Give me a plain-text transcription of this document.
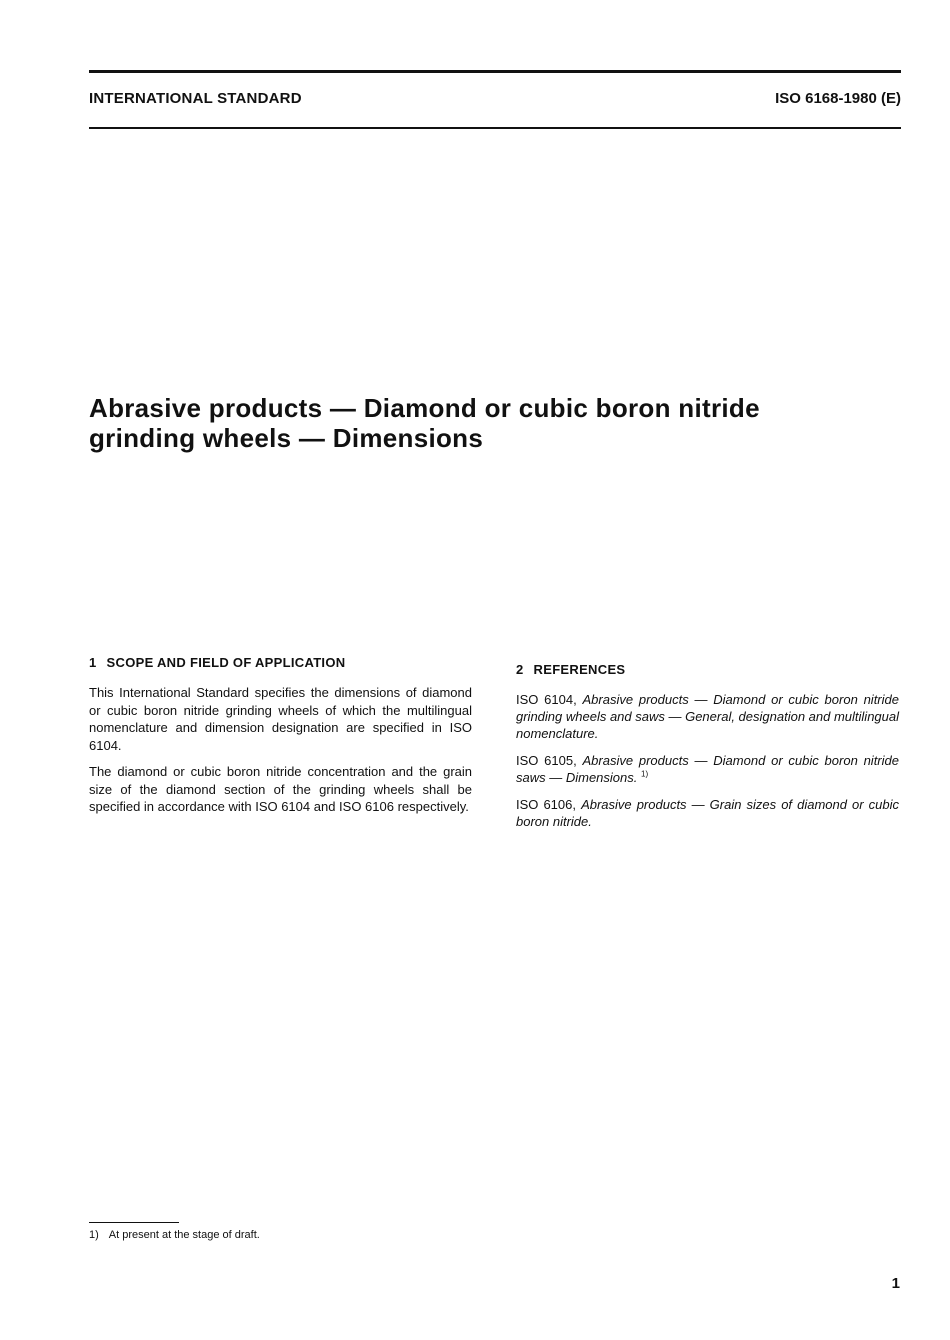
INTERNATIONAL STANDARD	ISO 6168-1980 (E)
Abrasive products — Diamond or cubic boron nitride
grinding wheels — Dimensions
1 SCOPE AND FIELD OF APPLICATION

This International Standard specifies the dimensions of diamond or cubic boron nitride grinding wheels of which the multilingual nomenclature and dimension designation are specified in ISO 6104.

The diamond or cubic boron nitride concentration and the grain size of the diamond section of the grinding wheels shall be specified in accordance with ISO 6104 and ISO 6106 respectively.

2 REFERENCES

ISO 6104, Abrasive products — Diamond or cubic boron nitride grinding wheels and saws — General, designation and multilingual nomenclature.

ISO 6105, Abrasive products — Diamond or cubic boron nitride saws — Dimensions. $^{1)}$

ISO 6106, Abrasive products — Grain sizes of diamond or cubic boron nitride.

1) At present at the stage of draft.
1
